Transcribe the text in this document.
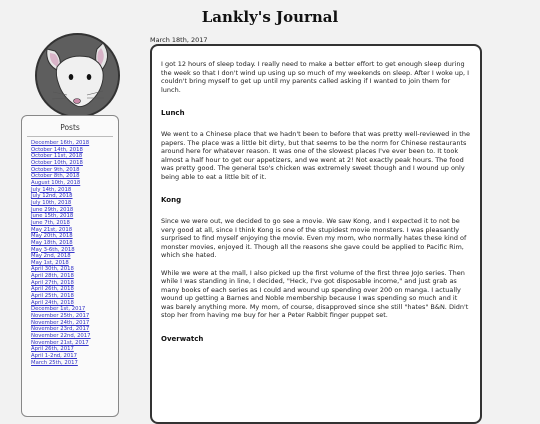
Lankly's Journal
Posts
December 16th, 2018
October 14th, 2018
October 11st, 2018
October 10th, 2018
October 9th, 2018
October 8th, 2018
August 10th, 2018
July 14th, 2018
July 12nd, 2018
July 10th, 2018
June 29th, 2018
June 15th, 2018
June 7th, 2018
May 21st, 2018
May 20th, 2018
May 18th, 2018
May 3-6th, 2018
May 2nd, 2018
May 1st, 2018
April 30th, 2018
April 28th, 2018
April 27th, 2018
April 26th, 2018
April 25th, 2018
April 24th, 2018
December 1st, 2017
November 25th, 2017
November 24th, 2017
November 23rd, 2017
November 22nd, 2017
November 21st, 2017
April 26th, 2017
April 1-2nd, 2017
March 25th, 2017
March 18th, 2017

I got 12 hours of sleep today. I really need to make a better effort to get enough sleep during the week so that I don't wind up using up so much of my weekends on sleep. After I woke up, I couldn't bring myself to get up until my parents called asking if I wanted to join them for lunch.

Lunch

We went to a Chinese place that we hadn't been to before that was pretty well-reviewed in the papers. The place was a little bit dirty, but that seems to be the norm for Chinese restaurants around here for whatever reason. It was one of the slowest places I've ever been to. It took almost a half hour to get our appetizers, and we went at 2! Not exactly peak hours. The food was pretty good. The general tso's chicken was extremely sweet though and I wound up only being able to eat a little bit of it.

Kong

Since we were out, we decided to go see a movie. We saw Kong, and I expected it to not be very good at all, since I think Kong is one of the stupidest movie monsters. I was pleasantly surprised to find myself enjoying the movie. Even my mom, who normally hates these kind of monster movies, enjoyed it. Though all the reasons she gave could be applied to Pacific Rim, which she hated.

While we were at the mall, I also picked up the first volume of the first three JoJo series. Then while I was standing in line, I decided, "Heck, I've got disposable income," and just grab as many books of each series as I could and wound up spending over 200 on manga. I actually wound up getting a Barnes and Noble membership because I was spending so much and it was barely anything more. My mom, of course, disapproved since she still "hates" B&N. Didn't stop her from having me buy for her a Peter Rabbit finger puppet set.

Overwatch
